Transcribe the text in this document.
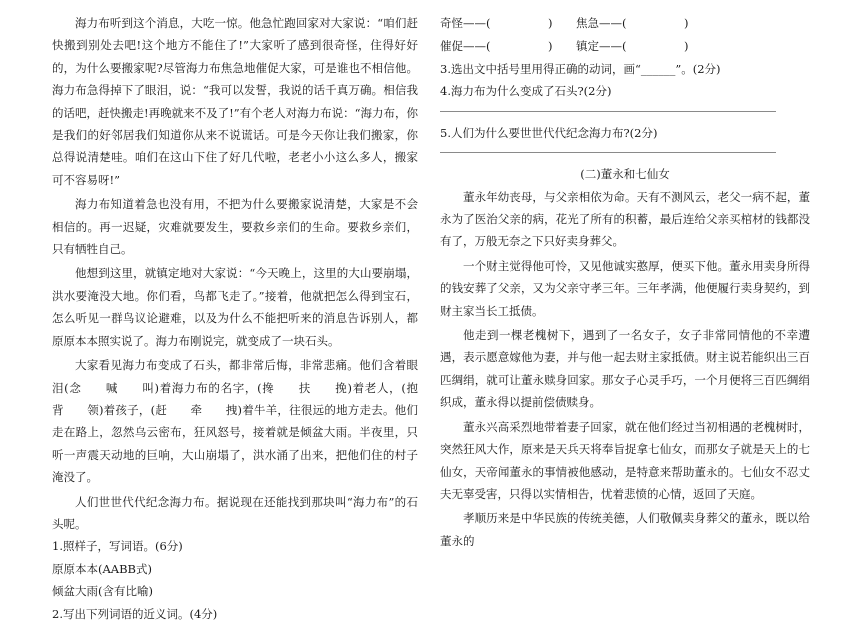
海力布听到这个消息，大吃一惊。他急忙跑回家对大家说：“咱们赶快搬到别处去吧!这个地方不能住了!”大家听了感到很奇怪，住得好好的，为什么要搬家呢?尽管海力布焦急地催促大家，可是谁也不相信他。海力布急得掉下了眼泪，说：“我可以发誓，我说的话千真万确。相信我的话吧，赶快搬走!再晚就来不及了!”有个老人对海力布说：“海力布，你是我们的好邻居我们知道你从来不说谎话。可是今天你让我们搬家，你总得说清楚哇。咱们在这山下住了好几代啦，老老小小这么多人，搬家可不容易呀!”

海力布知道着急也没有用，不把为什么要搬家说清楚，大家是不会相信的。再一迟疑，灾难就要发生，要救乡亲们的生命。要救乡亲们，只有牺牲自己。

他想到这里，就镇定地对大家说：“今天晚上，这里的大山要崩塌，洪水要淹没大地。你们看，鸟都飞走了。”接着，他就把怎么得到宝石，怎么听见一群鸟议论避难，以及为什么不能把听来的消息告诉别人，都原原本本照实说了。海力布刚说完，就变成了一块石头。

大家看见海力布变成了石头，都非常后悔，非常悲痛。他们含着眼泪(念　　喊　　叫)着海力布的名字，(搀　　扶　　挽)着老人，(抱　　背　　领)着孩子，(赶　　牵　　拽)着牛羊，往很远的地方走去。他们走在路上，忽然乌云密布，狂风怒号，接着就是倾盆大雨。半夜里，只听一声震天动地的巨响，大山崩塌了，洪水涌了出来，把他们住的村子淹没了。

人们世世代代纪念海力布。据说现在还能找到那块叫“海力布”的石头呢。

1.照样子，写词语。(6分)

原原本本(AABB式)

倾盆大雨(含有比喻)

2.写出下列词语的近义词。(4分)

奇怪——(　　　　　)	焦急——(　　　　　)
催促——(　　　　　)	镇定——(　　　　　)

3.选出文中括号里用得正确的动词，画“______”。(2分)

4.海力布为什么变成了石头?(2分)

5.人们为什么要世世代代纪念海力布?(2分)

(二)董永和七仙女

董永年幼丧母，与父亲相依为命。天有不测风云，老父一病不起，董永为了医治父亲的病，花光了所有的积蓄，最后连给父亲买棺材的钱都没有了，万般无奈之下只好卖身葬父。

一个财主觉得他可怜，又见他诚实憨厚，便买下他。董永用卖身所得的钱安葬了父亲，又为父亲守孝三年。三年孝满，他便履行卖身契约，到财主家当长工抵债。

他走到一棵老槐树下，遇到了一名女子，女子非常同情他的不幸遭遇，表示愿意嫁他为妻，并与他一起去财主家抵债。财主说若能织出三百匹绸绢，就可让董永赎身回家。那女子心灵手巧，一个月便将三百匹绸绢织成，董永得以提前偿债赎身。

董永兴高采烈地带着妻子回家，就在他们经过当初相遇的老槐树时，突然狂风大作，原来是天兵天将奉旨捉拿七仙女，而那女子就是天上的七仙女，天帝闻董永的事情被他感动，是特意来帮助董永的。七仙女不忍丈夫无辜受害，只得以实情相告，忧着悲愤的心情，返回了天庭。

孝顺历来是中华民族的传统美德，人们敬佩卖身葬父的董永，既以给董永的
